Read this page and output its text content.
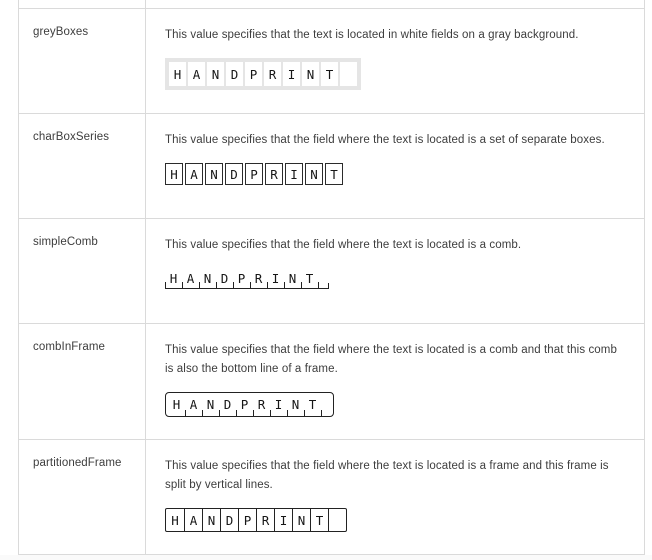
greyBoxes	This value specifies that the text is located in white fields on a gray background.

H A N D P R I N T
charBoxSeries	This value specifies that the field where the text is located is a set of separate boxes.

H A N D P R I N T
simpleComb	This value specifies that the field where the text is located is a comb.

H A N D P R I N T
combInFrame	This value specifies that the field where the text is located is a comb and that this comb is also the bottom line of a frame.

H A N D P R I N T
partitionedFrame	This value specifies that the field where the text is located is a frame and this frame is split by vertical lines.

H A N D P R I N T
